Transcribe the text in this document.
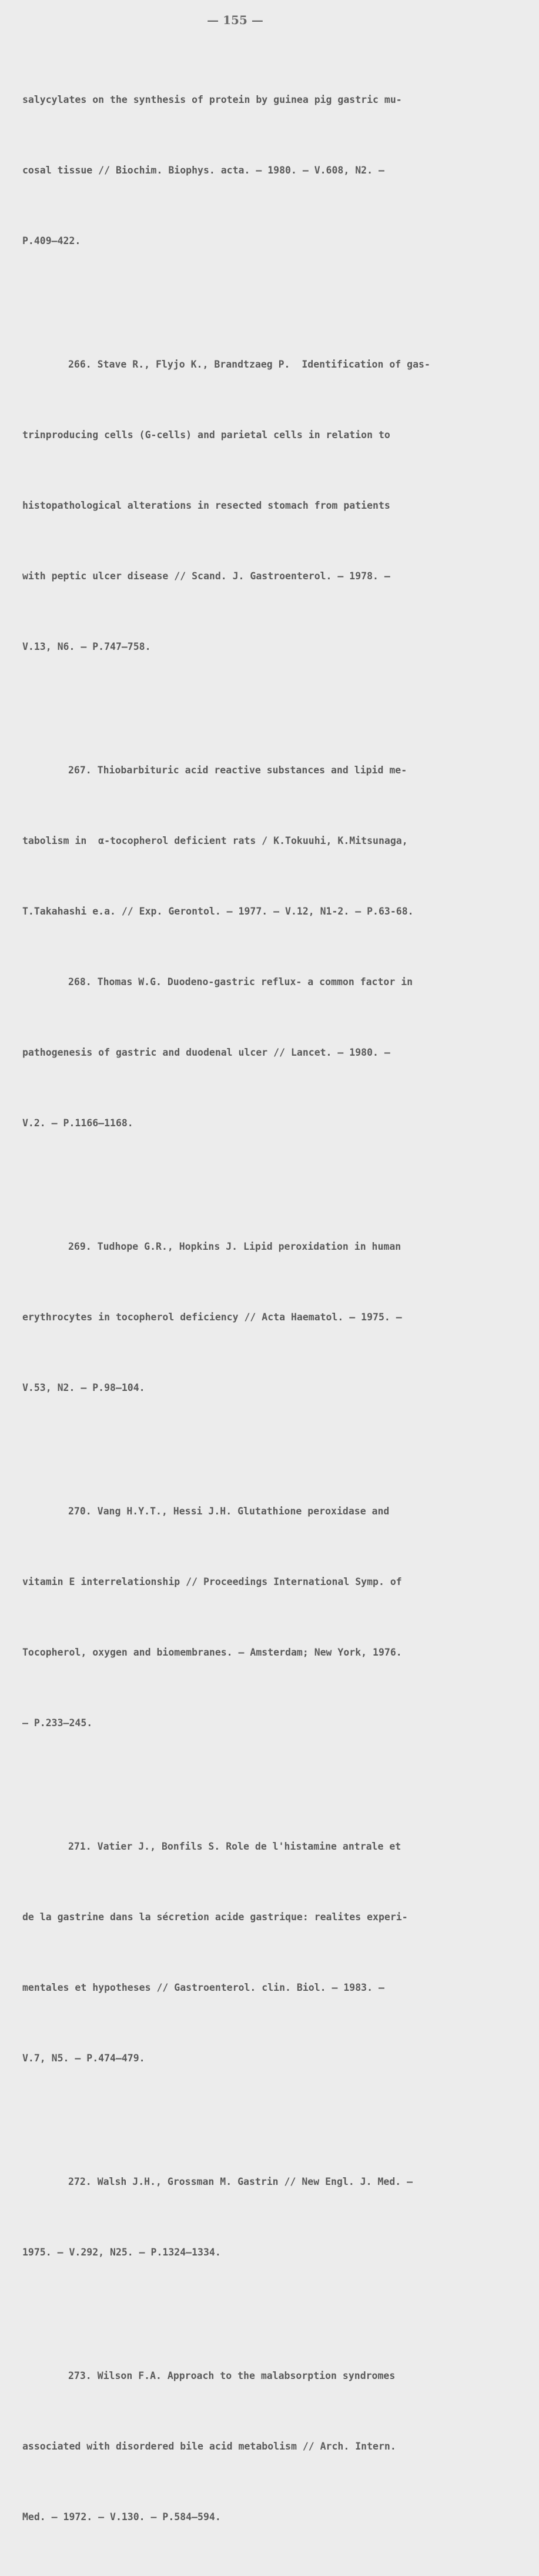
— 155 —

salycylates on the synthesis of protein by guinea pig gastric mu-

cosal tissue // Biochim. Biophys. acta. – 1980. – V.608, N2. –

P.409–422.

266. Stave R., Flyjo K., Brandtzaeg P.  Identification of gas-

trinproducing cells (G-cells) and parietal cells in relation to

histopathological alterations in resected stomach from patients

with peptic ulcer disease // Scand. J. Gastroenterol. – 1978. –

V.13, N6. – P.747–758.

267. Thiobarbituric acid reactive substances and lipid me-

tabolism in  α-tocopherol deficient rats / K.Tokuuhi, K.Mitsunaga,

T.Takahashi e.a. // Exp. Gerontol. – 1977. – V.12, N1-2. – P.63-68.

268. Thomas W.G. Duodeno-gastric reflux- a common factor in

pathogenesis of gastric and duodenal ulcer // Lancet. – 1980. –

V.2. – P.1166–1168.

269. Tudhope G.R., Hopkins J. Lipid peroxidation in human

erythrocytes in tocopherol deficiency // Acta Haematol. – 1975. –

V.53, N2. – P.98–104.

270. Vang H.Y.T., Hessi J.H. Glutathione peroxidase and

vitamin E interrelationship // Proceedings International Symp. of

Tocopherol, oxygen and biomembranes. – Amsterdam; New York, 1976.

– P.233–245.

271. Vatier J., Bonfils S. Role de l'histamine antrale et

de la gastrine dans la sécretion acide gastrique: realites experi-

mentales et hypotheses // Gastroenterol. clin. Biol. – 1983. –

V.7, N5. – P.474–479.

272. Walsh J.H., Grossman M. Gastrin // New Engl. J. Med. –

1975. – V.292, N25. – P.1324–1334.

273. Wilson F.A. Approach to the malabsorption syndromes

associated with disordered bile acid metabolism // Arch. Intern.

Med. – 1972. – V.130. – P.584–594.
